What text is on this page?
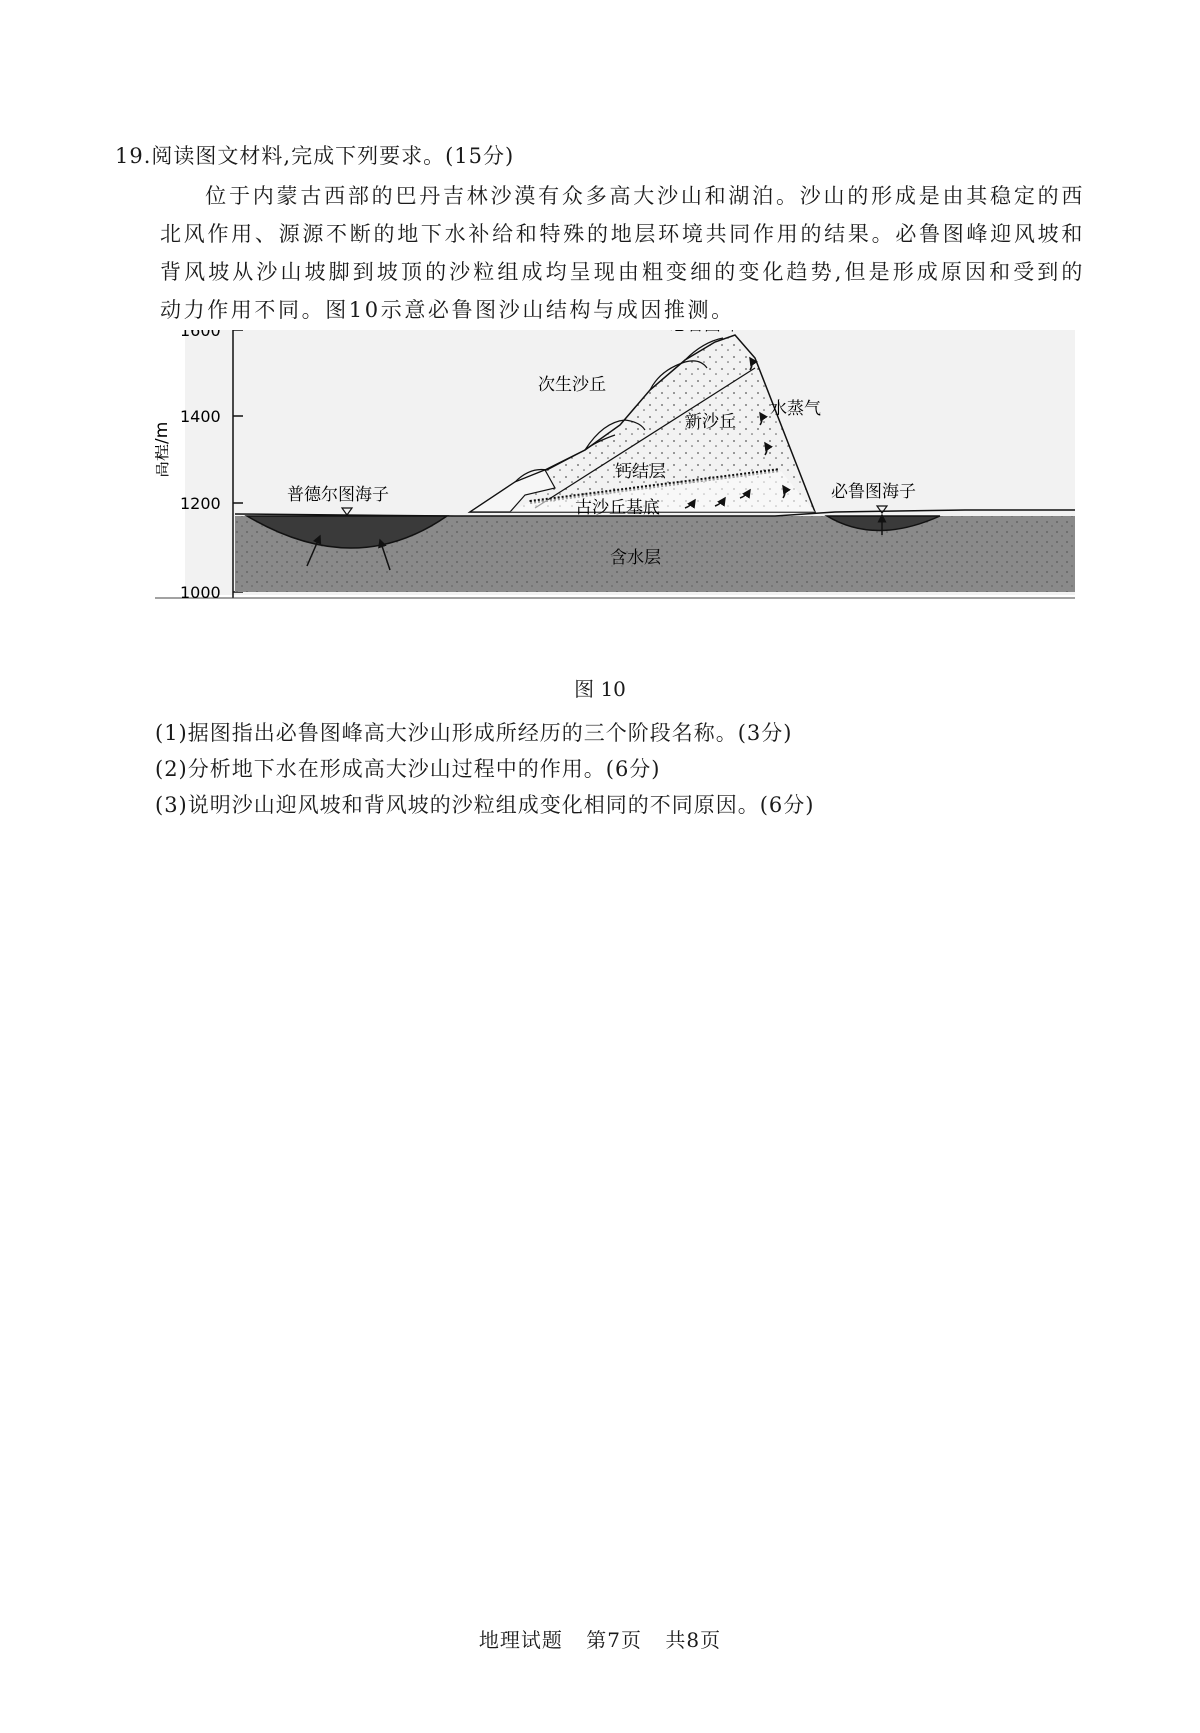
19.阅读图文材料,完成下列要求。(15分)
位于内蒙古西部的巴丹吉林沙漠有众多高大沙山和湖泊。沙山的形成是由其稳定的西北风作用、源源不断的地下水补给和特殊的地层环境共同作用的结果。必鲁图峰迎风坡和背风坡从沙山坡脚到坡顶的沙粒组成均呈现由粗变细的变化趋势,但是形成原因和受到的动力作用不同。图10示意必鲁图沙山结构与成因推测。
1600
1400
1200
1000
高程/m
次生沙丘
新沙丘
水蒸气
钙结层
古沙丘基底
含水层
普德尔图海子	必鲁图海子
图 10
(1)据图指出必鲁图峰高大沙山形成所经历的三个阶段名称。(3分)
(2)分析地下水在形成高大沙山过程中的作用。(6分)
(3)说明沙山迎风坡和背风坡的沙粒组成变化相同的不同原因。(6分)
地理试题 第7页 共8页
